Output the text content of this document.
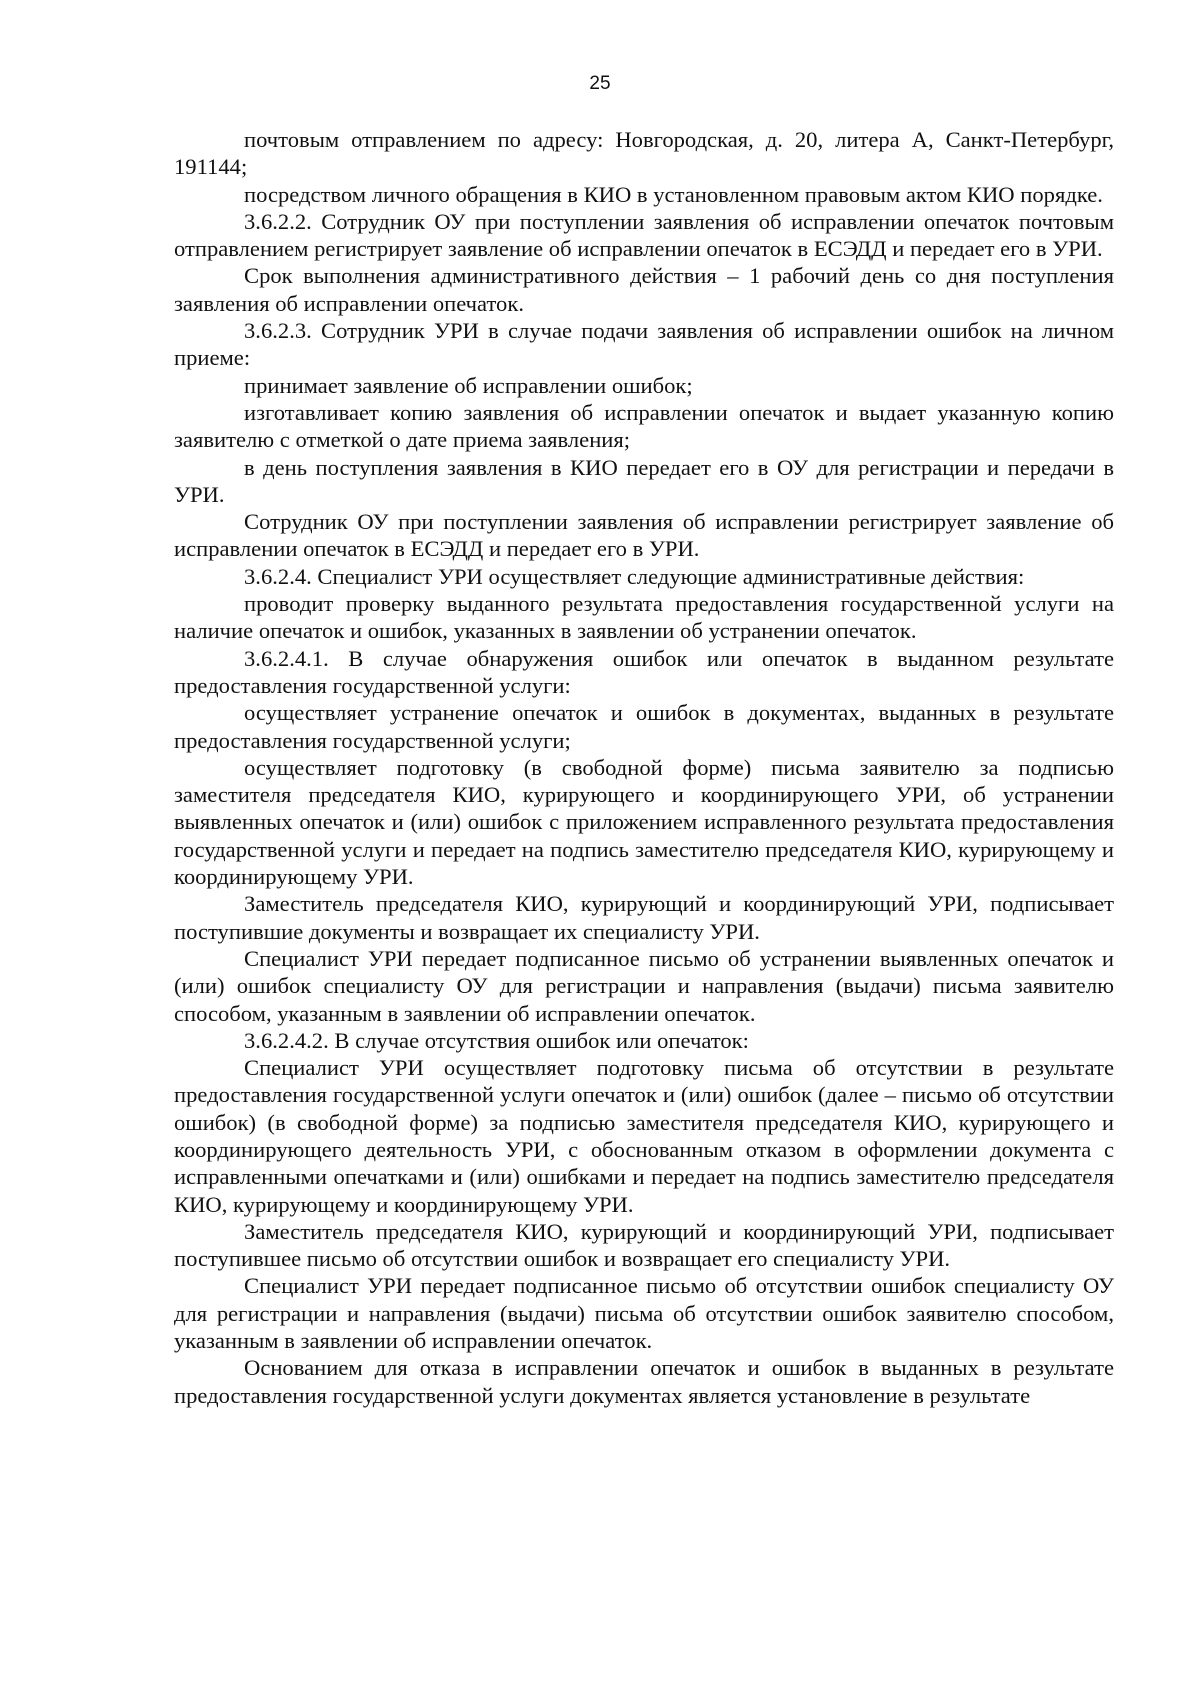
25

почтовым отправлением по адресу: Новгородская, д. 20, литера А, Санкт-Петербург, 191144;

посредством личного обращения в КИО в установленном правовым актом КИО порядке.

3.6.2.2. Сотрудник ОУ при поступлении заявления об исправлении опечаток почтовым отправлением регистрирует заявление об исправлении опечаток в ЕСЭДД и передает его в УРИ.

Срок выполнения административного действия – 1 рабочий день со дня поступления заявления об исправлении опечаток.

3.6.2.3. Сотрудник УРИ в случае подачи заявления об исправлении ошибок на личном приеме:

принимает заявление об исправлении ошибок;

изготавливает копию заявления об исправлении опечаток и выдает указанную копию заявителю с отметкой о дате приема заявления;

в день поступления заявления в КИО передает его в ОУ для регистрации и передачи в УРИ.

Сотрудник ОУ при поступлении заявления об исправлении регистрирует заявление об исправлении опечаток в ЕСЭДД и передает его в УРИ.

3.6.2.4. Специалист УРИ осуществляет следующие административные действия:

проводит проверку выданного результата предоставления государственной услуги на наличие опечаток и ошибок, указанных в заявлении об устранении опечаток.

3.6.2.4.1. В случае обнаружения ошибок или опечаток в выданном результате предоставления государственной услуги:

осуществляет устранение опечаток и ошибок в документах, выданных в результате предоставления государственной услуги;

осуществляет подготовку (в свободной форме) письма заявителю за подписью заместителя председателя КИО, курирующего и координирующего УРИ, об устранении выявленных опечаток и (или) ошибок с приложением исправленного результата предоставления государственной услуги и передает на подпись заместителю председателя КИО, курирующему и координирующему УРИ.

Заместитель председателя КИО, курирующий и координирующий УРИ, подписывает поступившие документы и возвращает их специалисту УРИ.

Специалист УРИ передает подписанное письмо об устранении выявленных опечаток и (или) ошибок специалисту ОУ для регистрации и направления (выдачи) письма заявителю способом, указанным в заявлении об исправлении опечаток.

3.6.2.4.2. В случае отсутствия ошибок или опечаток:

Специалист УРИ осуществляет подготовку письма об отсутствии в результате предоставления государственной услуги опечаток и (или) ошибок (далее – письмо об отсутствии ошибок) (в свободной форме) за подписью заместителя председателя КИО, курирующего и координирующего деятельность УРИ, с обоснованным отказом в оформлении документа с исправленными опечатками и (или) ошибками и передает на подпись заместителю председателя КИО, курирующему и координирующему УРИ.

Заместитель председателя КИО, курирующий и координирующий УРИ, подписывает поступившее письмо об отсутствии ошибок и возвращает его специалисту УРИ.

Специалист УРИ передает подписанное письмо об отсутствии ошибок специалисту ОУ для регистрации и направления (выдачи) письма об отсутствии ошибок заявителю способом, указанным в заявлении об исправлении опечаток.

Основанием для отказа в исправлении опечаток и ошибок в выданных в результате предоставления государственной услуги документах является установление в результате
